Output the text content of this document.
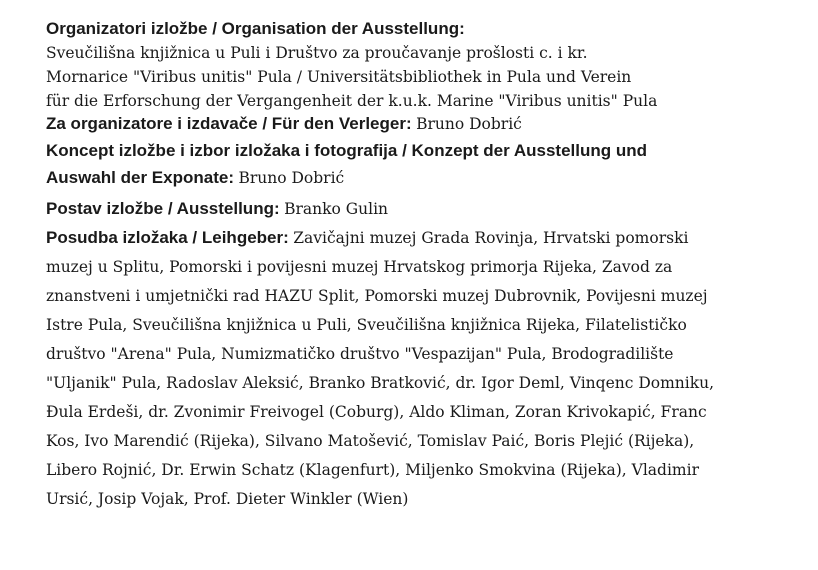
Organizatori izložbe / Organisation der Ausstellung:
Sveučilišna knjižnica u Puli i Društvo za proučavanje prošlosti c. i kr.
Mornarice "Viribus unitis" Pula / Universitätsbibliothek in Pula und Verein
für die Erforschung der Vergangenheit der k.u.k. Marine "Viribus unitis" Pula
Za organizatore i izdavače / Für den Verleger: Bruno Dobrić
Koncept izložbe i izbor izložaka i fotografija / Konzept der Ausstellung und
Auswahl der Exponate: Bruno Dobrić
Postav izložbe / Ausstellung: Branko Gulin
Posudba izložaka / Leihgeber: Zavičajni muzej Grada Rovinja, Hrvatski pomorski
muzej u Splitu, Pomorski i povijesni muzej Hrvatskog primorja Rijeka, Zavod za
znanstveni i umjetnički rad HAZU Split, Pomorski muzej Dubrovnik, Povijesni muzej
Istre Pula, Sveučilišna knjižnica u Puli, Sveučilišna knjižnica Rijeka, Filatelističko
društvo "Arena" Pula, Numizmatičko društvo "Vespazijan" Pula, Brodogradilište
"Uljanik" Pula, Radoslav Aleksić, Branko Bratković, dr. Igor Deml, Vinqenc Domniku,
Đula Erdeši, dr. Zvonimir Freivogel (Coburg), Aldo Kliman, Zoran Krivokapić, Franc
Kos, Ivo Marendić (Rijeka), Silvano Matošević, Tomislav Paić, Boris Plejić (Rijeka),
Libero Rojnić, Dr. Erwin Schatz (Klagenfurt), Miljenko Smokvina (Rijeka), Vladimir
Ursić, Josip Vojak, Prof. Dieter Winkler (Wien)
